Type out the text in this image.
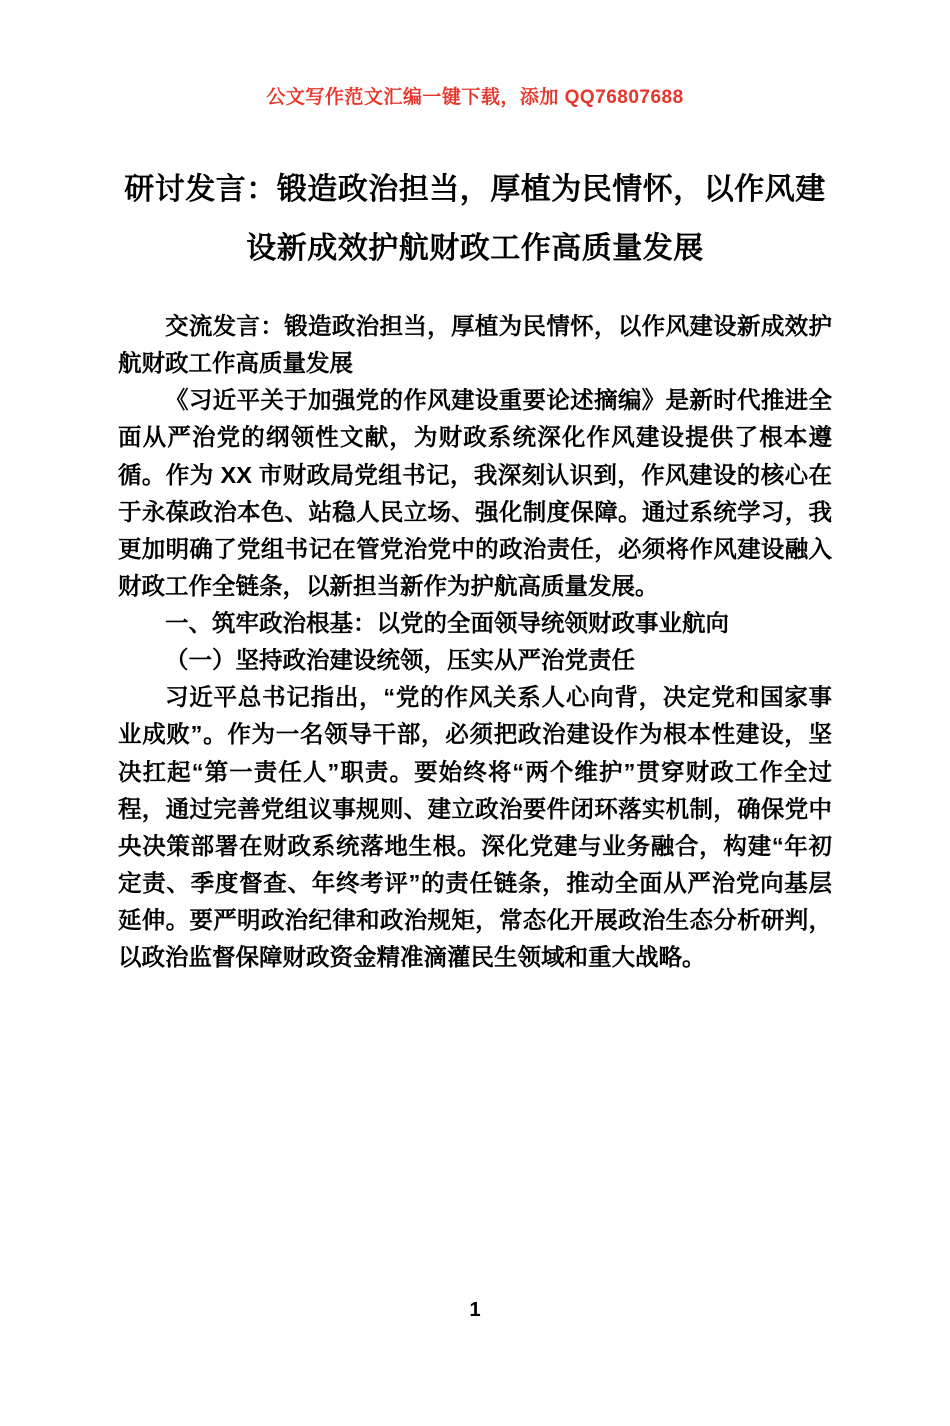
公文写作范文汇编一键下载，添加 QQ76807688
研讨发言：锻造政治担当，厚植为民情怀，以作风建设新成效护航财政工作高质量发展

交流发言：锻造政治担当，厚植为民情怀，以作风建设新成效护航财政工作高质量发展

《习近平关于加强党的作风建设重要论述摘编》是新时代推进全面从严治党的纲领性文献，为财政系统深化作风建设提供了根本遵循。作为 XX 市财政局党组书记，我深刻认识到，作风建设的核心在于永葆政治本色、站稳人民立场、强化制度保障。通过系统学习，我更加明确了党组书记在管党治党中的政治责任，必须将作风建设融入财政工作全链条，以新担当新作为护航高质量发展。

一、筑牢政治根基：以党的全面领导统领财政事业航向

（一）坚持政治建设统领，压实从严治党责任

习近平总书记指出，“党的作风关系人心向背，决定党和国家事业成败”。作为一名领导干部，必须把政治建设作为根本性建设，坚决扛起“第一责任人”职责。要始终将“两个维护”贯穿财政工作全过程，通过完善党组议事规则、建立政治要件闭环落实机制，确保党中央决策部署在财政系统落地生根。深化党建与业务融合，构建“年初定责、季度督查、年终考评”的责任链条，推动全面从严治党向基层延伸。要严明政治纪律和政治规矩，常态化开展政治生态分析研判，以政治监督保障财政资金精准滴灌民生领域和重大战略。

1
